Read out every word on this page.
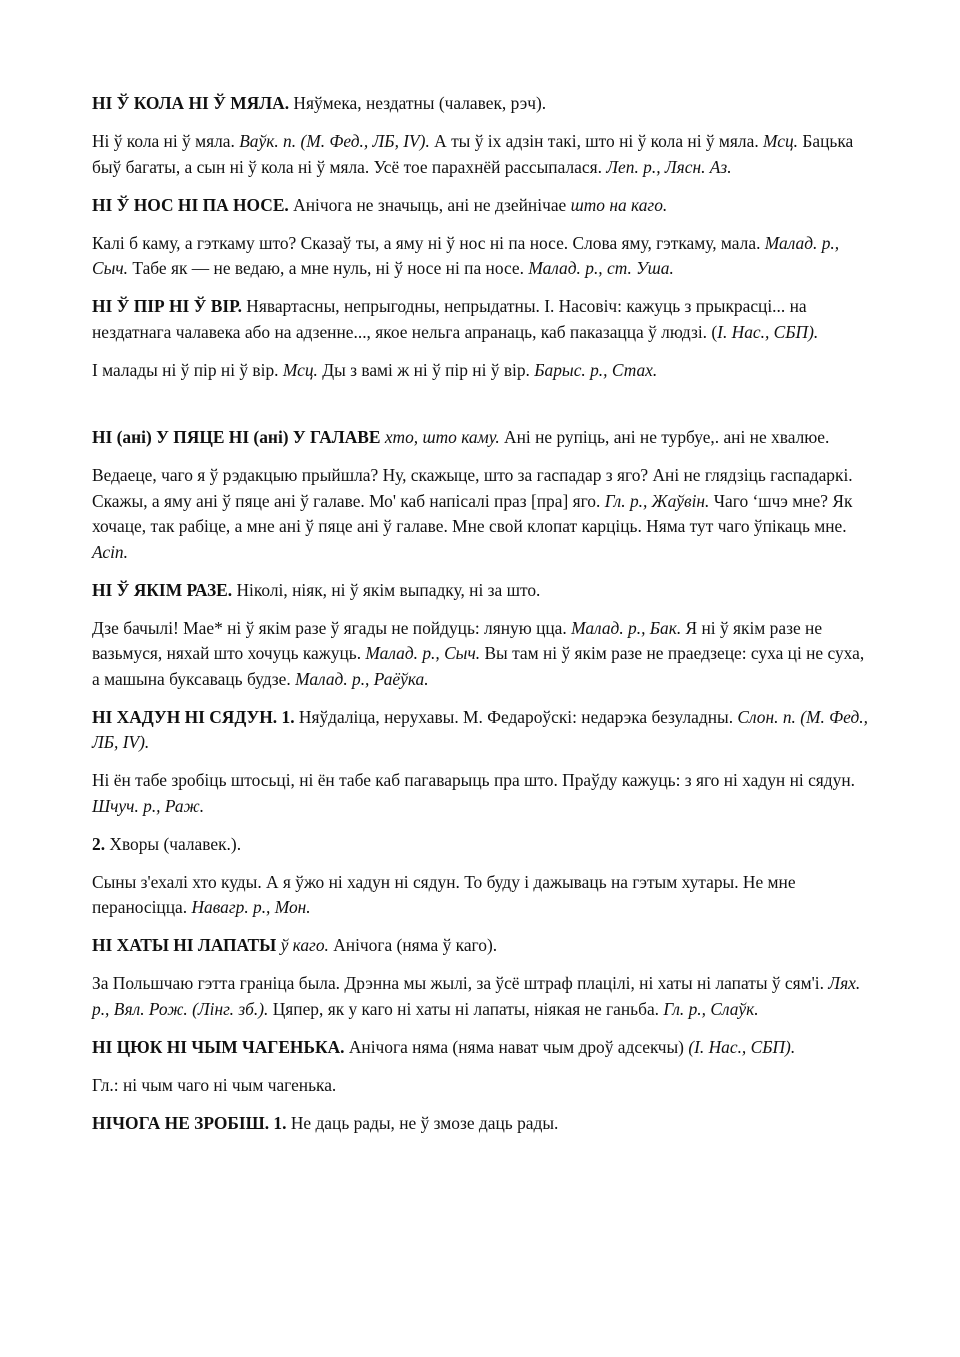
НІ Ў КОЛА НІ Ў МЯЛА. Няўмека, нездатны (чалавек, рэч).

Ні ў кола ні ў мяла. Ваўк. п. (М. Фед., ЛБ, IV). А ты ў іх адзін такі, што ні ў кола ні ў мяла. Мсц. Бацька быў багаты, а сын ні ў кола ні ў мяла. Усё тое парахнёй рассыпалася. Леп. р., Лясн. Аз.

НІ Ў НОС НІ ПА НОСЕ. Анічога не значыць, ані не дзейнічае што на каго.

Калі б каму, а гэткаму што? Сказаў ты, а яму ні ў нос ні па носе. Слова яму, гэткаму, мала. Малад. р., Сыч. Табе як — не ведаю, а мне нуль, ні ў носе ні па носе. Малад. р., ст. Уша.

НІ Ў ПІР НІ Ў ВІР. Нявартасны, непрыгодны, непрыдатны. І. Насовіч: кажуць з прыкрасці... на нездатнага чалавека або на адзенне..., якое нельга апранаць, каб паказацца ў людзі. (І. Нас., СБП).

І малады ні ў пір ні ў вір. Мсц. Ды з вамі ж ні ў пір ні ў вір. Барыс. р., Стах.

НІ (ані) У ПЯЦЕ НІ (ані) У ГАЛАВЕ хто, што каму. Ані не рупіць, ані не турбуе,. ані не хвалюе.

Ведаеце, чаго я ў рэдакцыю прыйшла? Ну, скажыце, што за гаспадар з яго? Ані не глядзіць гаспадаркі. Скажы, а яму ані ў пяце ані ў галаве. Мо' каб напісалі праз [пра] яго. Гл. р., Жаўвін. Чаго ‘шчэ мне? Як хочаце, так рабіце, а мне ані ў пяце ані ў галаве. Мне свой клопат карціць. Няма тут чаго ўпікаць мне. Асіп.

НІ Ў ЯКІМ РАЗЕ. Ніколі, ніяк, ні ў якім выпадку, ні за што.

Дзе бачылі! Мае* ні ў якім разе ў ягады не пойдуць: ляную цца. Малад. р., Бак. Я ні ў якім разе не вазьмуся, няхай што хочуць кажуць. Малад. р., Сыч. Вы там ні ў якім разе не праедзеце: суха ці не суха, а машына буксаваць будзе. Малад. р., Раёўка.

НІ ХАДУН НІ СЯДУН. 1. Няўдаліца, нерухавы. М. Федароўскі: недарэка безуладны. Слон. п. (М. Фед., ЛБ, IV).

Ні ён табе зробіць штосьці, ні ён табе каб пагаварыць пра што. Праўду кажуць: з яго ні хадун ні сядун. Шчуч. р., Раж.

2. Хворы (чалавек.).

Сыны з'ехалі хто куды. А я ўжо ні хадун ні сядун. То буду і дажываць на гэтым хутары. Не мне пераносіцца. Навагр. р., Мон.

НІ ХАТЫ НІ ЛАПАТЫ ў каго. Анічога (няма ў каго).

За Польшчаю гэтта граніца была. Дрэнна мы жылі, за ўсё штраф плацілі, ні хаты ні лапаты ў сям'і. Лях. р., Вял. Рож. (Лінг. зб.). Цяпер, як у каго ні хаты ні лапаты, ніякая не ганьба. Гл. р., Слаўк.

НІ ЦЮК НІ ЧЫМ ЧАГЕНЬКА. Анічога няма (няма нават чым дроў адсекчы) (І. Нас., СБП).

Гл.: ні чым чаго ні чым чагенька.

НІЧОГА НЕ ЗРОБІШ. 1. Не даць рады, не ў змозе даць рады.
